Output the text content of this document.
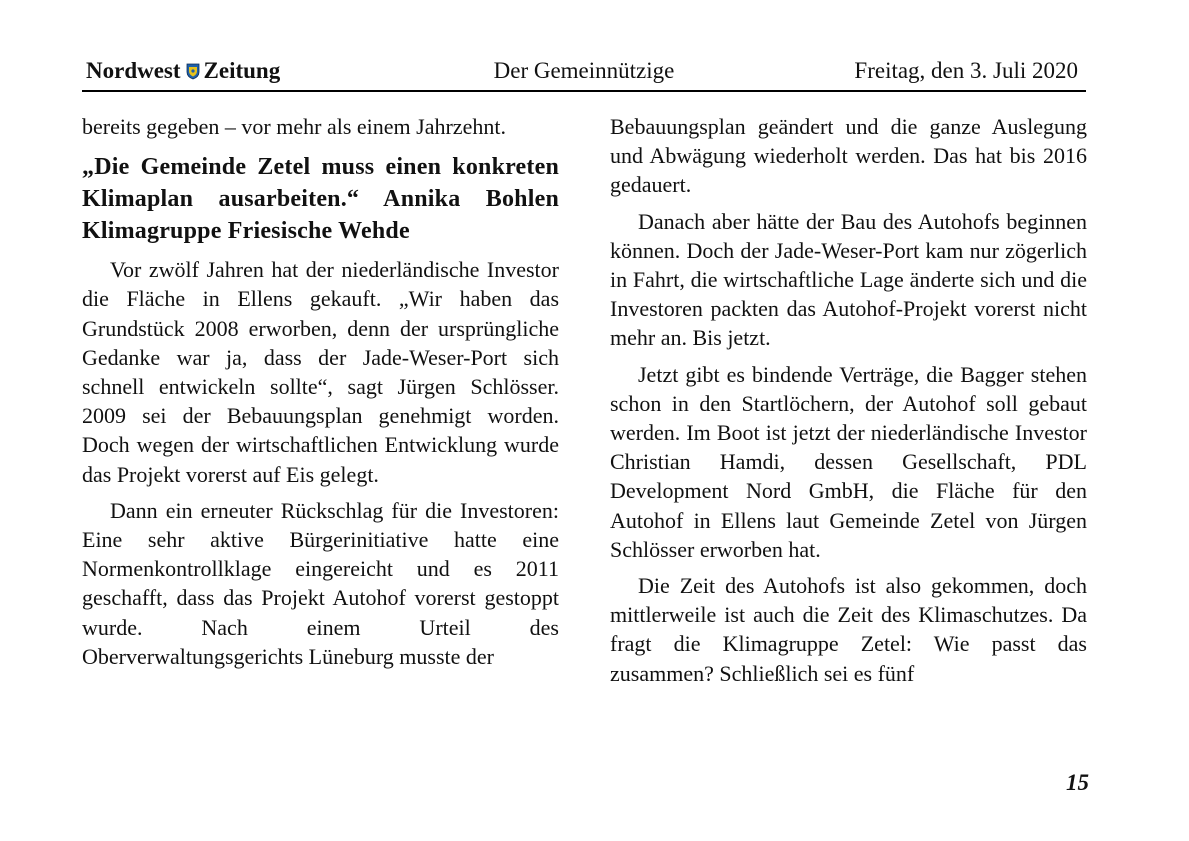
Nordwest Zeitung	Der Gemeinnützige	Freitag, den 3. Juli 2020

bereits gegeben – vor mehr als einem Jahrzehnt.

„Die Gemeinde Zetel muss einen konkreten Klimaplan ausarbeiten.“ Annika Bohlen Klimagruppe Friesische Wehde

Vor zwölf Jahren hat der niederländische Investor die Fläche in Ellens gekauft. „Wir haben das Grundstück 2008 erworben, denn der ursprüngliche Gedanke war ja, dass der Jade-Weser-Port sich schnell entwickeln sollte“, sagt Jürgen Schlösser. 2009 sei der Bebauungsplan genehmigt worden. Doch wegen der wirtschaftlichen Entwicklung wurde das Projekt vorerst auf Eis gelegt.

Dann ein erneuter Rückschlag für die Investoren: Eine sehr aktive Bürgerinitiative hatte eine Normenkontrollklage eingereicht und es 2011 geschafft, dass das Projekt Autohof vorerst gestoppt wurde. Nach einem Urteil des Oberverwaltungsgerichts Lüneburg musste der

Bebauungsplan geändert und die ganze Auslegung und Abwägung wiederholt werden. Das hat bis 2016 gedauert.

Danach aber hätte der Bau des Autohofs beginnen können. Doch der Jade-Weser-Port kam nur zögerlich in Fahrt, die wirtschaftliche Lage änderte sich und die Investoren packten das Autohof-Projekt vorerst nicht mehr an. Bis jetzt.

Jetzt gibt es bindende Verträge, die Bagger stehen schon in den Startlöchern, der Autohof soll gebaut werden. Im Boot ist jetzt der niederländische Investor Christian Hamdi, dessen Gesellschaft, PDL Development Nord GmbH, die Fläche für den Autohof in Ellens laut Gemeinde Zetel von Jürgen Schlösser erworben hat.

Die Zeit des Autohofs ist also gekommen, doch mittlerweile ist auch die Zeit des Klimaschutzes. Da fragt die Klimagruppe Zetel: Wie passt das zusammen? Schließlich sei es fünf

15
